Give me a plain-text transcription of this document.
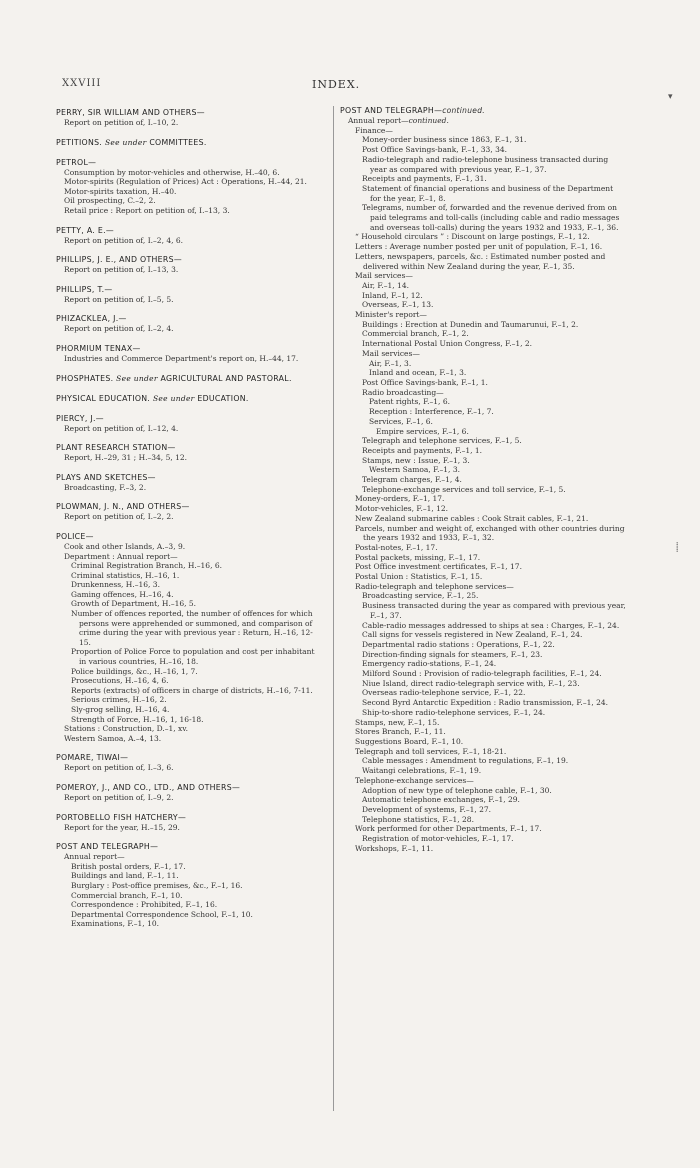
XXVIII	INDEX.
PERRY, SIR WILLIAM AND OTHERS—
Report on petition of, I.–10, 2.
PETITIONS. See under COMMITTEES.
PETROL—
Consumption by motor-vehicles and otherwise, H.–40, 6.
Motor-spirits (Regulation of Prices) Act : Operations, H.–44, 21.
Motor-spirits taxation, H.–40.
Oil prospecting, C.–2, 2.
Retail price : Report on petition of, I.–13, 3.
PETTY, A. E.—
Report on petition of, I.–2, 4, 6.
PHILLIPS, J. E., AND OTHERS—
Report on petition of, I.–13, 3.
PHILLIPS, T.—
Report on petition of, I.–5, 5.
PHIZACKLEA, J.—
Report on petition of, I.–2, 4.
PHORMIUM TENAX—
Industries and Commerce Department's report on, H.–44, 17.
PHOSPHATES. See under AGRICULTURAL AND PASTORAL.
PHYSICAL EDUCATION. See under EDUCATION.
PIERCY, J.—
Report on petition of, I.–12, 4.
PLANT RESEARCH STATION—
Report, H.–29, 31 ; H.–34, 5, 12.
PLAYS AND SKETCHES—
Broadcasting, F.–3, 2.
PLOWMAN, J. N., AND OTHERS—
Report on petition of, I.–2, 2.
POLICE—
Cook and other Islands, A.–3, 9.
Department : Annual report—
Criminal Registration Branch, H.–16, 6.
Criminal statistics, H.–16, 1.
Drunkenness, H.–16, 3.
Gaming offences, H.–16, 4.
Growth of Department, H.–16, 5.
Number of offences reported, the number of offences for which persons were apprehended or summoned, and comparison of crime during the year with previous year : Return, H.–16, 12-15.
Proportion of Police Force to population and cost per inhabitant in various countries, H.–16, 18.
Police buildings, &c., H.–16, 1, 7.
Prosecutions, H.–16, 4, 6.
Reports (extracts) of officers in charge of districts, H.–16, 7-11.
Serious crimes, H.–16, 2.
Sly-grog selling, H.–16, 4.
Strength of Force, H.–16, 1, 16-18.
Stations : Construction, D.–1, xv.
Western Samoa, A.–4, 13.
POMARE, TIWAI—
Report on petition of, I.–3, 6.
POMEROY, J., AND CO., LTD., AND OTHERS—
Report on petition of, I.–9, 2.
PORTOBELLO FISH HATCHERY—
Report for the year, H.–15, 29.
POST AND TELEGRAPH—
Annual report—
British postal orders, F.–1, 17.
Buildings and land, F.–1, 11.
Burglary : Post-office premises, &c., F.–1, 16.
Commercial branch, F.–1, 10.
Correspondence : Prohibited, F.–1, 16.
Departmental Correspondence School, F.–1, 10.
Examinations, F.–1, 10.
POST AND TELEGRAPH—continued.
Annual report—continued.
Finance—
Money-order business since 1863, F.–1, 31.
Post Office Savings-bank, F.–1, 33, 34.
Radio-telegraph and radio-telephone business transacted during year as compared with previous year, F.–1, 37.
Receipts and payments, F.–1, 31.
Statement of financial operations and business of the Department for the year, F.–1, 8.
Telegrams, number of, forwarded and the revenue derived from on paid telegrams and toll-calls (including cable and radio messages and overseas toll-calls) during the years 1932 and 1933, F.–1, 36.
“ Household circulars ” : Discount on large postings, F.–1, 12.
Letters : Average number posted per unit of population, F.–1, 16.
Letters, newspapers, parcels, &c. : Estimated number posted and delivered within New Zealand during the year, F.–1, 35.
Mail services—
Air, F.–1, 14.
Inland, F.–1, 12.
Overseas, F.–1, 13.
Minister's report—
Buildings : Erection at Dunedin and Taumarunui, F.–1, 2.
Commercial branch, F.–1, 2.
International Postal Union Congress, F.–1, 2.
Mail services—
Air, F.–1, 3.
Inland and ocean, F.–1, 3.
Post Office Savings-bank, F.–1, 1.
Radio broadcasting—
Patent rights, F.–1, 6.
Reception : Interference, F.–1, 7.
Services, F.–1, 6.
Empire services, F.–1, 6.
Telegraph and telephone services, F.–1, 5.
Receipts and payments, F.–1, 1.
Stamps, new : Issue, F.–1, 3.
Western Samoa, F.–1, 3.
Telegram charges, F.–1, 4.
Telephone-exchange services and toll service, F.–1, 5.
Money-orders, F.–1, 17.
Motor-vehicles, F.–1, 12.
New Zealand submarine cables : Cook Strait cables, F.–1, 21.
Parcels, number and weight of, exchanged with other countries during the years 1932 and 1933, F.–1, 32.
Postal-notes, F.–1, 17.
Postal packets, missing, F.–1, 17.
Post Office investment certificates, F.–1, 17.
Postal Union : Statistics, F.–1, 15.
Radio-telegraph and telephone services—
Broadcasting service, F.–1, 25.
Business transacted during the year as compared with previous year, F.–1, 37.
Cable-radio messages addressed to ships at sea : Charges, F.–1, 24.
Call signs for vessels registered in New Zealand, F.–1, 24.
Departmental radio stations : Operations, F.–1, 22.
Direction-finding signals for steamers, F.–1, 23.
Emergency radio-stations, F.–1, 24.
Milford Sound : Provision of radio-telegraph facilities, F.–1, 24.
Niue Island, direct radio-telegraph service with, F.–1, 23.
Overseas radio-telephone service, F.–1, 22.
Second Byrd Antarctic Expedition : Radio transmission, F.–1, 24.
Ship-to-shore radio-telephone services, F.–1, 24.
Stamps, new, F.–1, 15.
Stores Branch, F.–1, 11.
Suggestions Board, F.–1, 10.
Telegraph and toll services, F.–1, 18-21.
Cable messages : Amendment to regulations, F.–1, 19.
Waitangi celebrations, F.–1, 19.
Telephone-exchange services—
Adoption of new type of telephone cable, F.–1, 30.
Automatic telephone exchanges, F.–1, 29.
Development of systems, F.–1, 27.
Telephone statistics, F.–1, 28.
Work performed for other Departments, F.–1, 17.
Registration of motor-vehicles, F.–1, 17.
Workshops, F.–1, 11.
▾
⸽
